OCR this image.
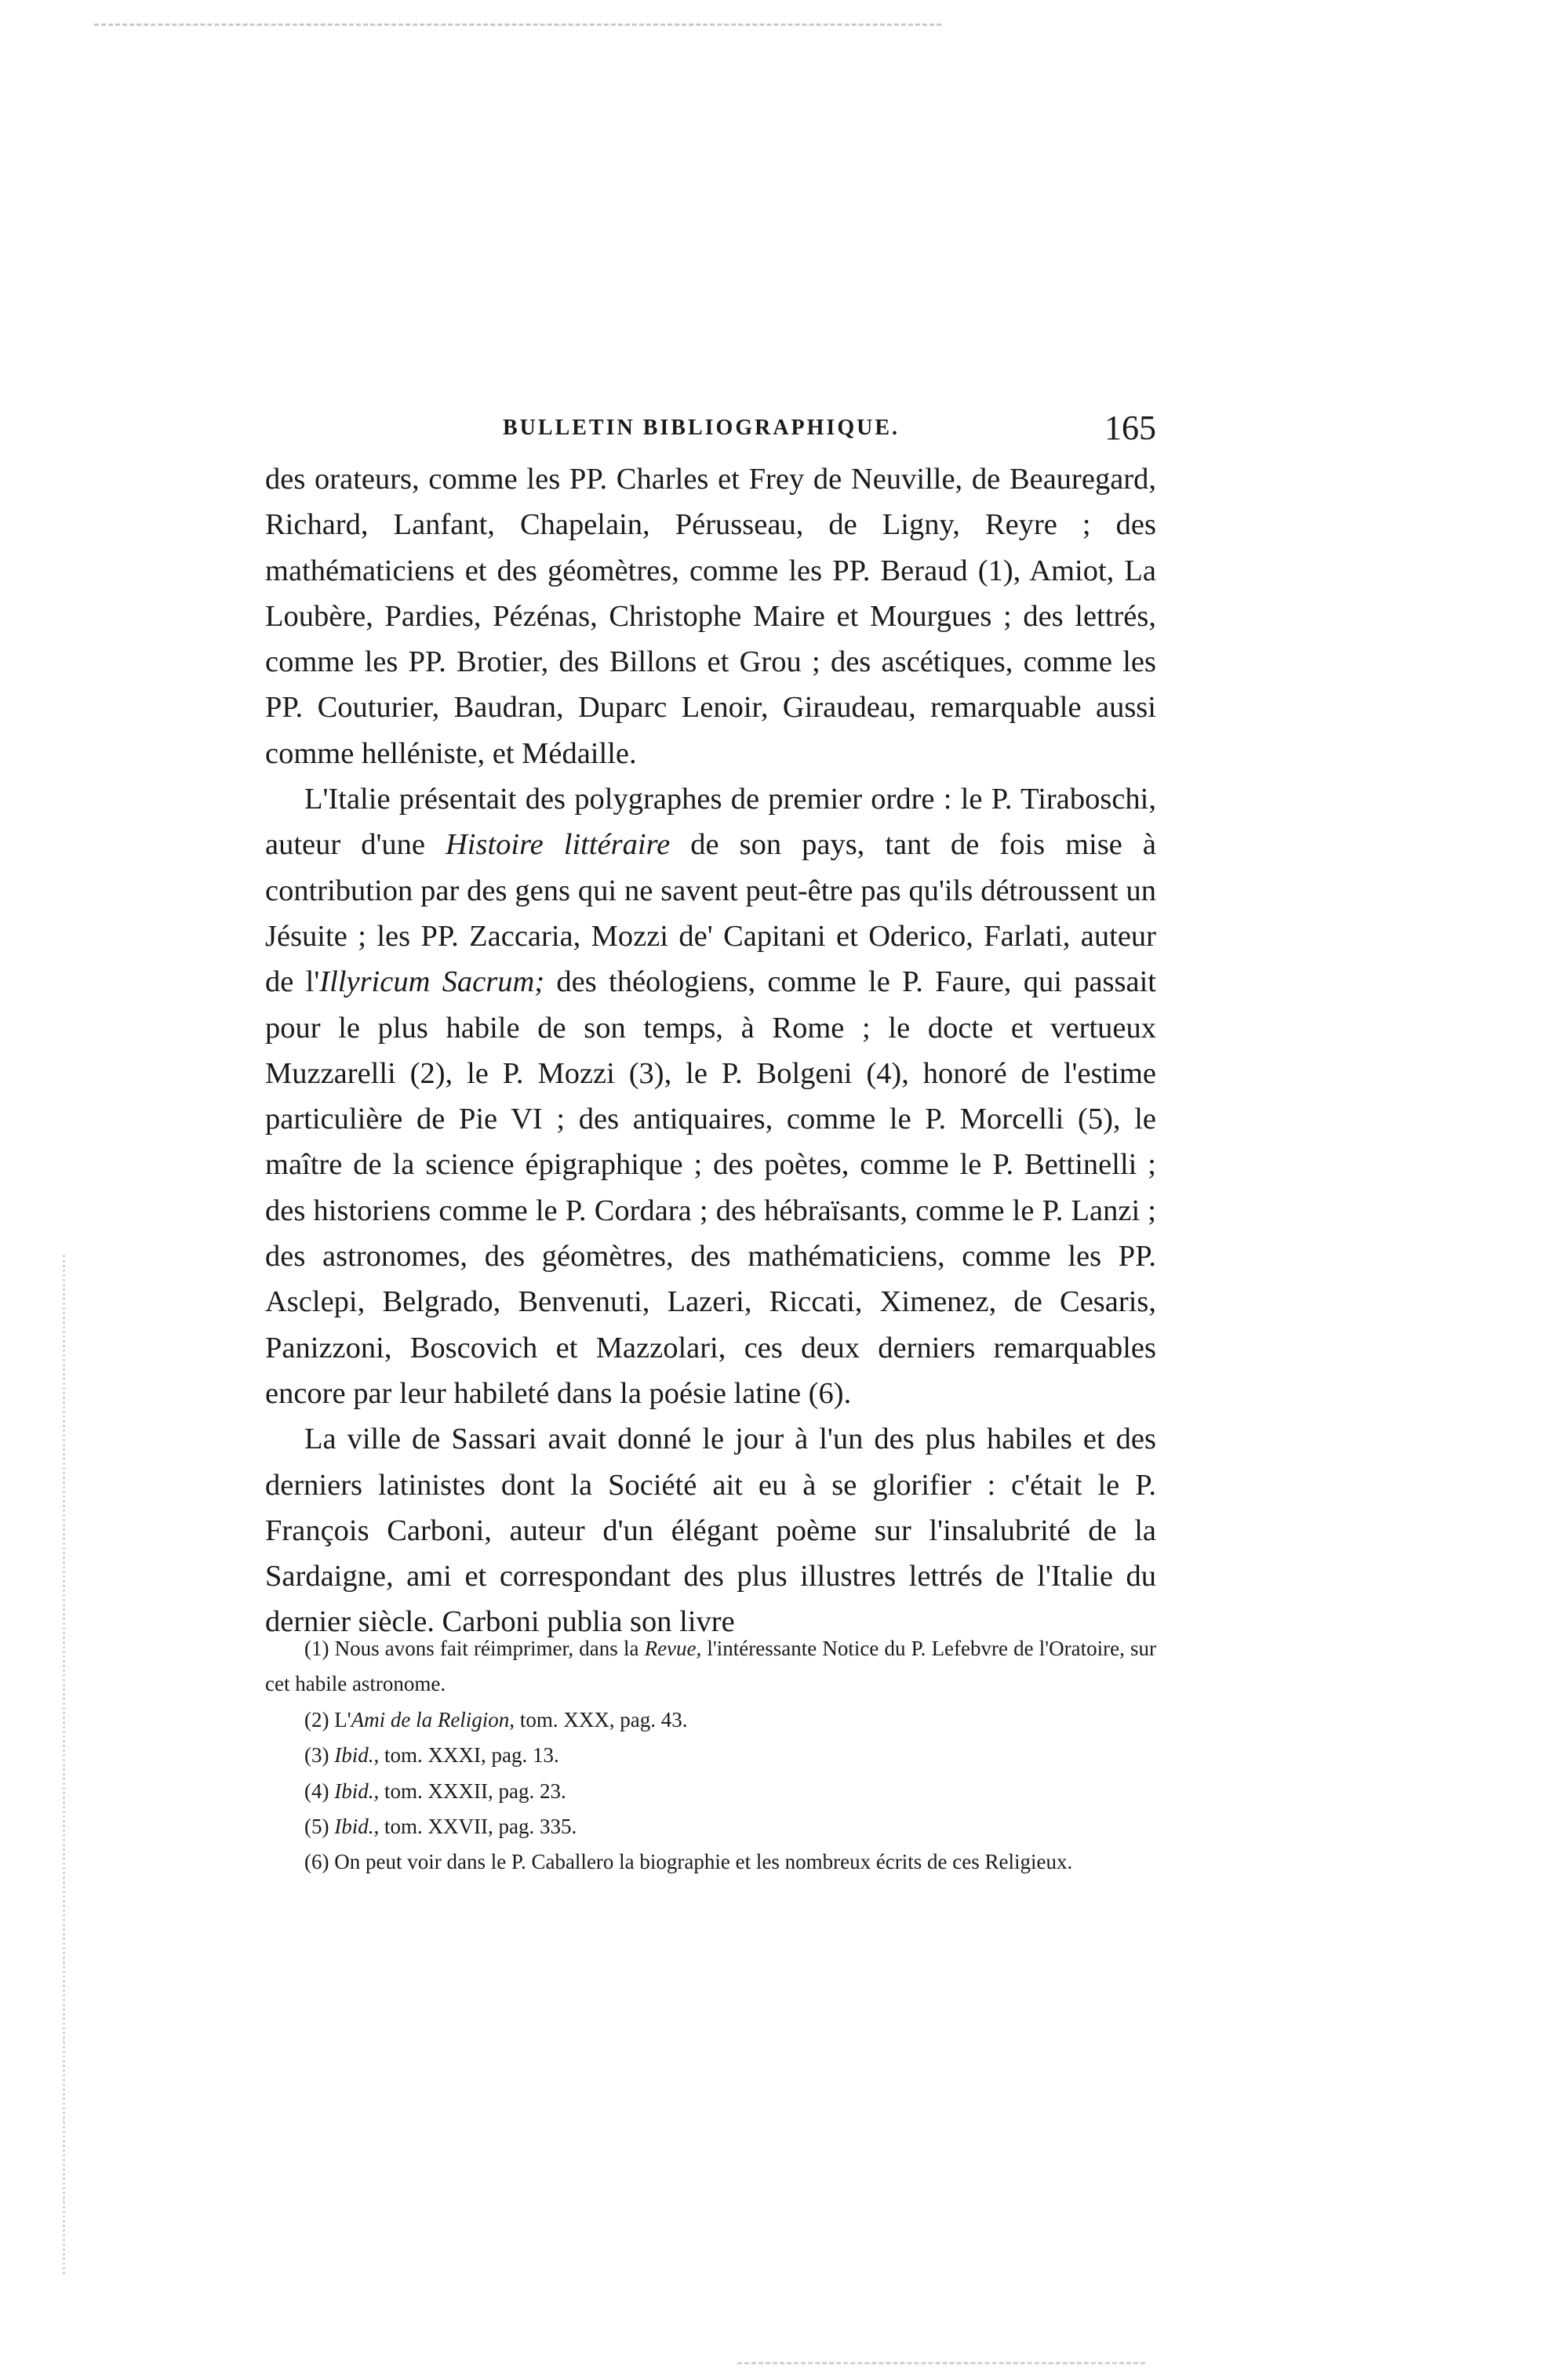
BULLETIN BIBLIOGRAPHIQUE.	165

des orateurs, comme les PP. Charles et Frey de Neuville, de Beauregard, Richard, Lanfant, Chapelain, Pérusseau, de Ligny, Reyre ; des mathématiciens et des géomètres, comme les PP. Beraud (1), Amiot, La Loubère, Pardies, Pézénas, Christophe Maire et Mourgues ; des lettrés, comme les PP. Brotier, des Billons et Grou ; des ascétiques, comme les PP. Couturier, Baudran, Duparc Lenoir, Giraudeau, remarquable aussi comme helléniste, et Médaille.

L'Italie présentait des polygraphes de premier ordre : le P. Tiraboschi, auteur d'une Histoire littéraire de son pays, tant de fois mise à contribution par des gens qui ne savent peut-être pas qu'ils détroussent un Jésuite ; les PP. Zaccaria, Mozzi de' Capitani et Oderico, Farlati, auteur de l'Illyricum Sacrum; des théologiens, comme le P. Faure, qui passait pour le plus habile de son temps, à Rome ; le docte et vertueux Muzzarelli (2), le P. Mozzi (3), le P. Bolgeni (4), honoré de l'estime particulière de Pie VI ; des antiquaires, comme le P. Morcelli (5), le maître de la science épigraphique ; des poètes, comme le P. Bettinelli ; des historiens comme le P. Cordara ; des hébraïsants, comme le P. Lanzi ; des astronomes, des géomètres, des mathématiciens, comme les PP. Asclepi, Belgrado, Benvenuti, Lazeri, Riccati, Ximenez, de Cesaris, Panizzoni, Boscovich et Mazzolari, ces deux derniers remarquables encore par leur habileté dans la poésie latine (6).

La ville de Sassari avait donné le jour à l'un des plus habiles et des derniers latinistes dont la Société ait eu à se glorifier : c'était le P. François Carboni, auteur d'un élégant poème sur l'insalubrité de la Sardaigne, ami et correspondant des plus illustres lettrés de l'Italie du dernier siècle. Carboni publia son livre

(1) Nous avons fait réimprimer, dans la Revue, l'intéressante Notice du P. Lefebvre de l'Oratoire, sur cet habile astronome.

(2) L'Ami de la Religion, tom. XXX, pag. 43.

(3) Ibid., tom. XXXI, pag. 13.

(4) Ibid., tom. XXXII, pag. 23.

(5) Ibid., tom. XXVII, pag. 335.

(6) On peut voir dans le P. Caballero la biographie et les nombreux écrits de ces Religieux.
